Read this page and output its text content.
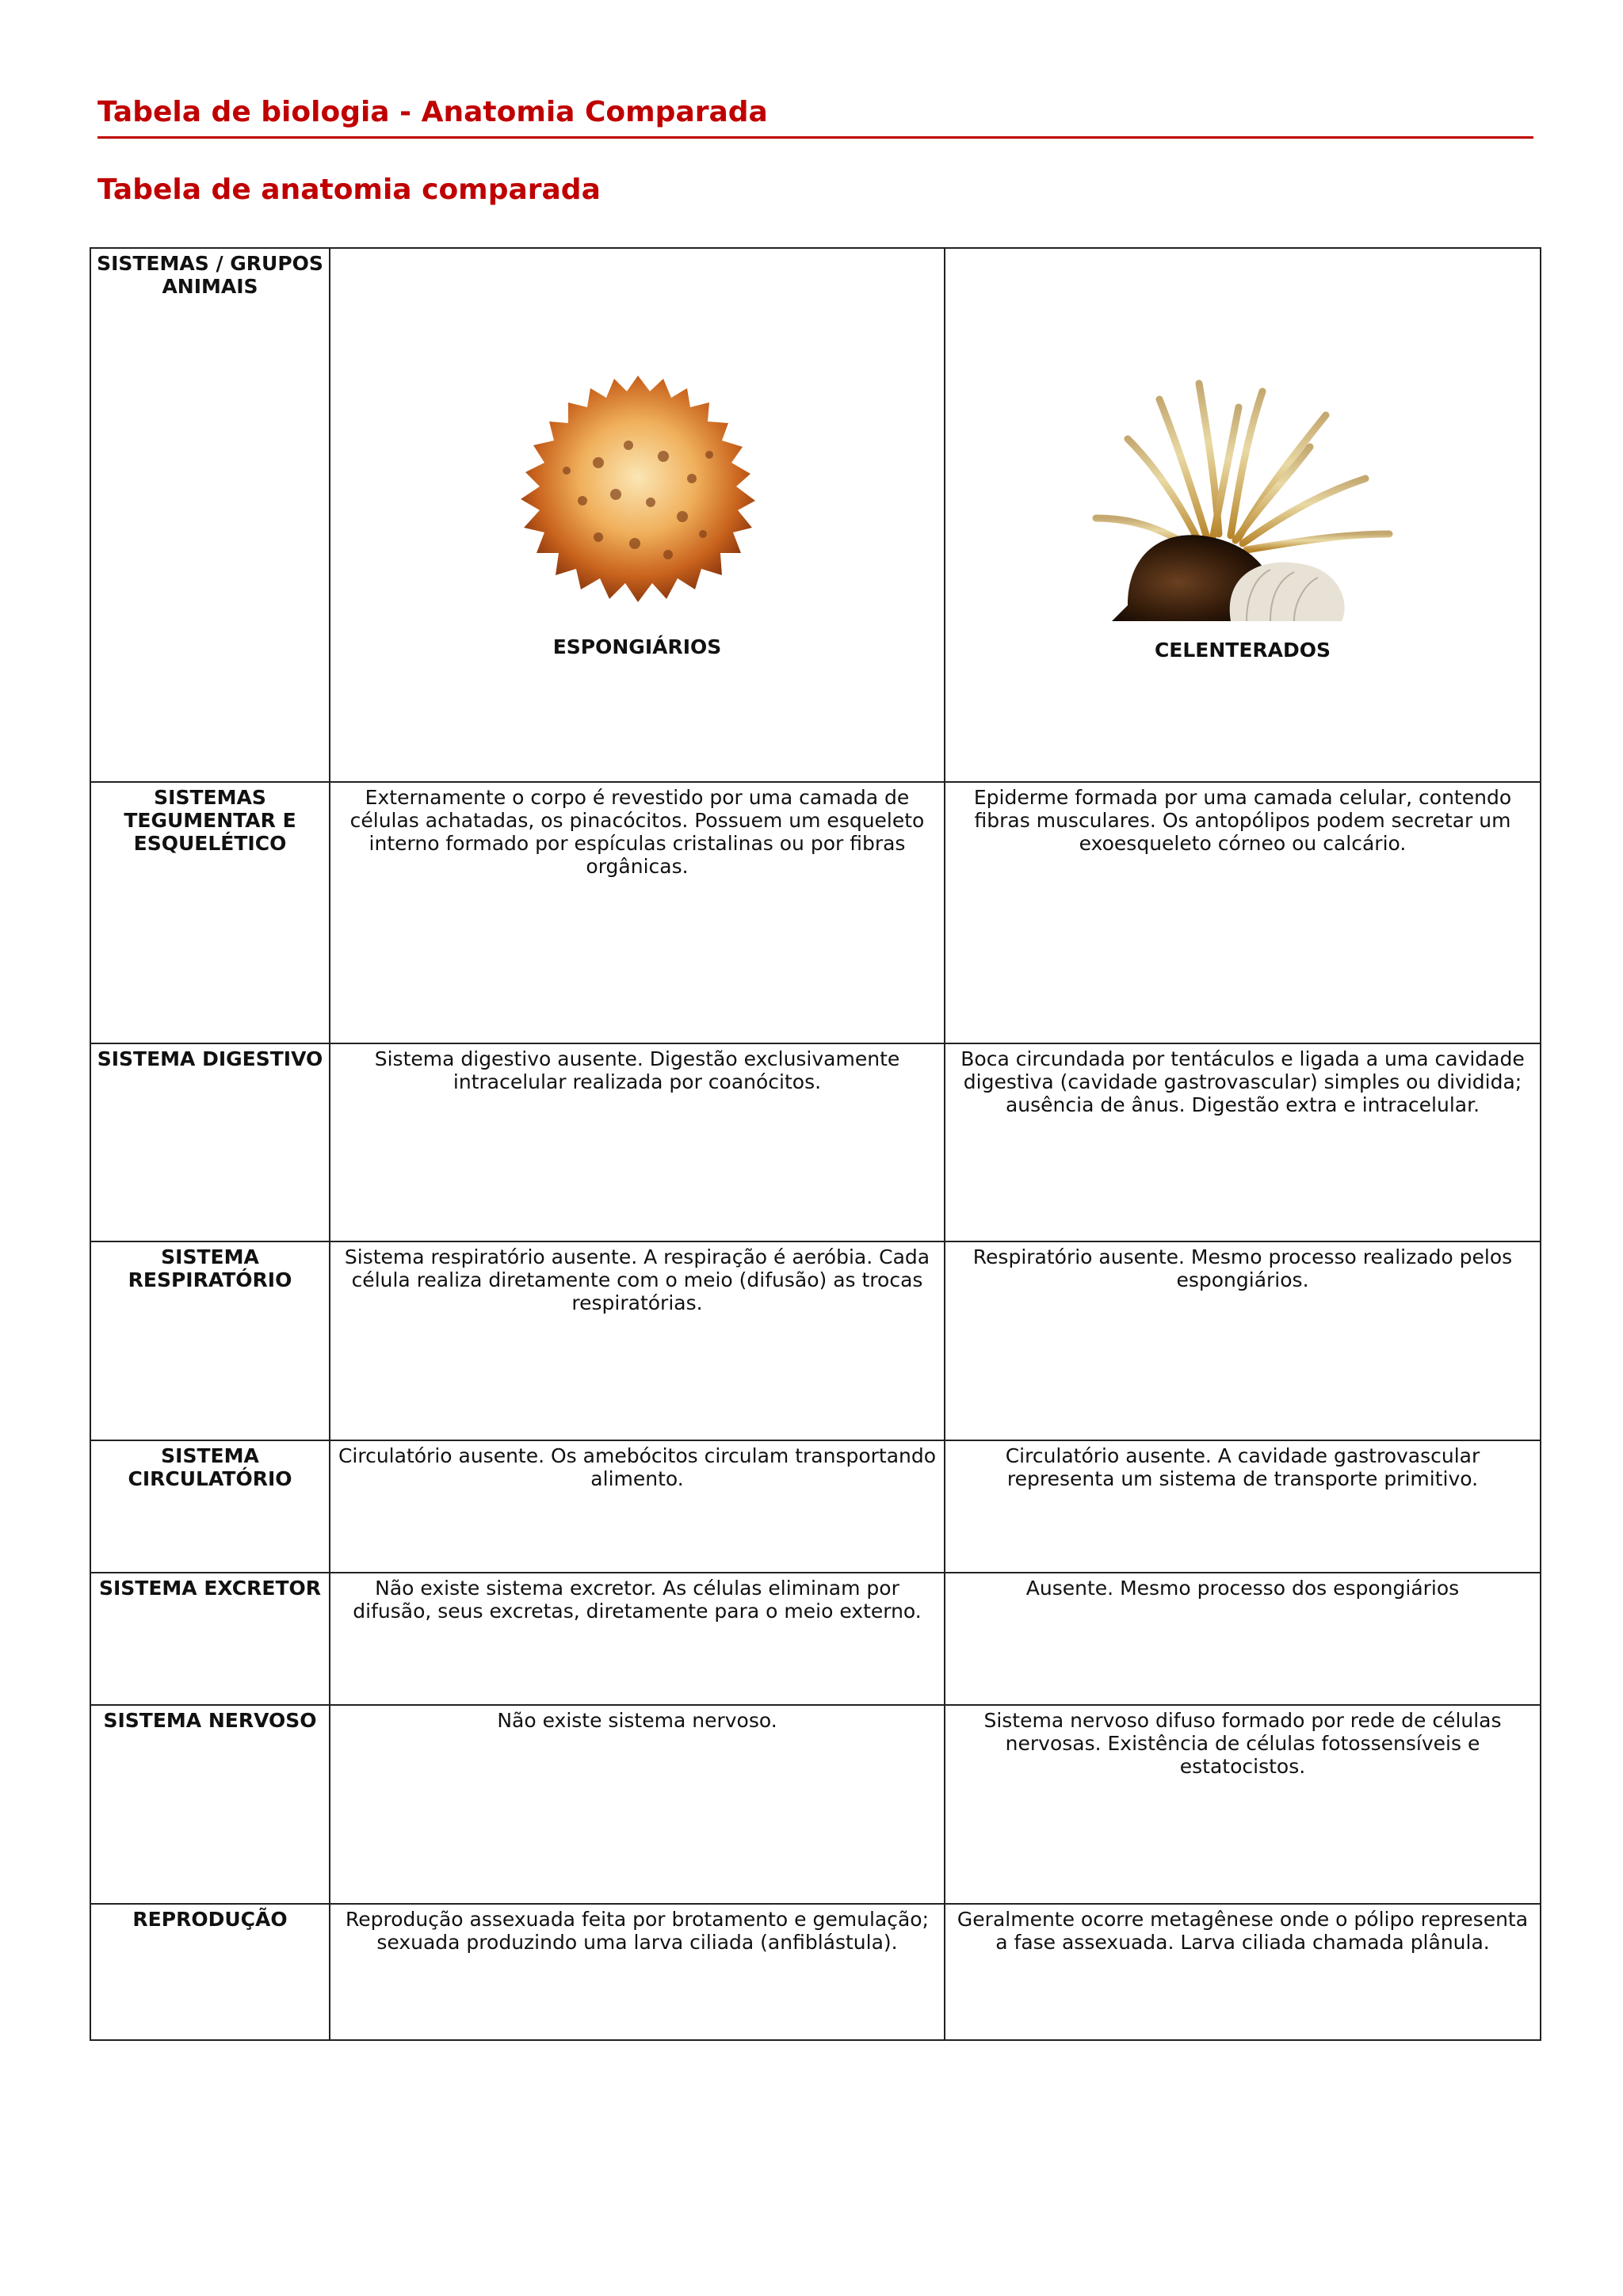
Tabela de biologia - Anatomia Comparada
Tabela de anatomia comparada
SISTEMAS / GRUPOS ANIMAIS	ESPONGIÁRIOS	CELENTERADOS

SISTEMAS TEGUMENTAR E ESQUELÉTICO	Externamente o corpo é revestido por uma camada de células achatadas, os pinacócitos. Possuem um esqueleto interno formado por espículas cristalinas ou por fibras orgânicas.	Epiderme formada por uma camada celular, contendo fibras musculares. Os antopólipos podem secretar um exoesqueleto córneo ou calcário.
SISTEMA DIGESTIVO	Sistema digestivo ausente. Digestão exclusivamente intracelular realizada por coanócitos.	Boca circundada por tentáculos e ligada a uma cavidade digestiva (cavidade gastrovascular) simples ou dividida; ausência de ânus. Digestão extra e intracelular.
SISTEMA RESPIRATÓRIO	Sistema respiratório ausente. A respiração é aeróbia. Cada célula realiza diretamente com o meio (difusão) as trocas respiratórias.	Respiratório ausente. Mesmo processo realizado pelos espongiários.
SISTEMA CIRCULATÓRIO	Circulatório ausente. Os amebócitos circulam transportando alimento.	Circulatório ausente. A cavidade gastrovascular representa um sistema de transporte primitivo.
SISTEMA EXCRETOR	Não existe sistema excretor. As células eliminam por difusão, seus excretas, diretamente para o meio externo.	Ausente. Mesmo processo dos espongiários
SISTEMA NERVOSO	Não existe sistema nervoso.	Sistema nervoso difuso formado por rede de células nervosas. Existência de células fotossensíveis e estatocistos.
REPRODUÇÃO	Reprodução assexuada feita por brotamento e gemulação; sexuada produzindo uma larva ciliada (anfiblástula).	Geralmente ocorre metagênese onde o pólipo representa a fase assexuada. Larva ciliada chamada plânula.
